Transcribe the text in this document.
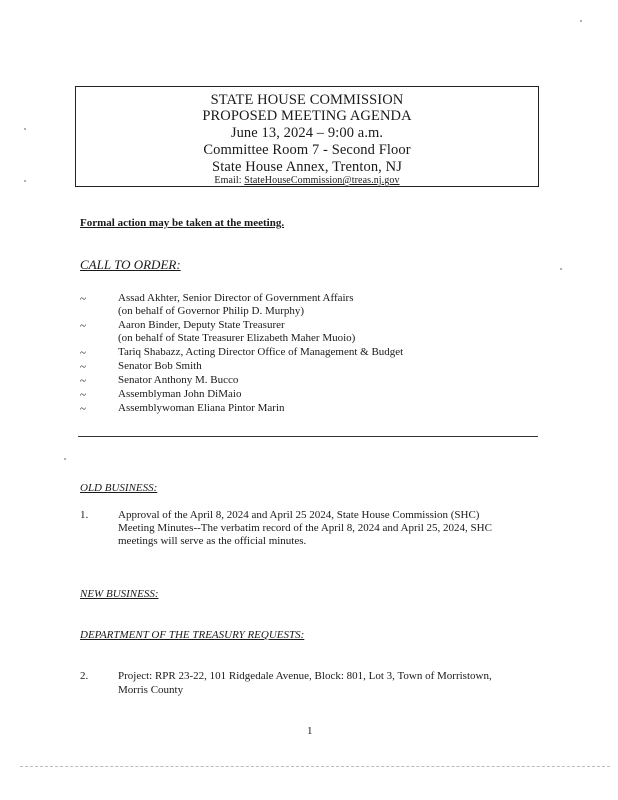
STATE HOUSE COMMISSION
PROPOSED MEETING AGENDA
June 13, 2024 – 9:00 a.m.
Committee Room 7 - Second Floor
State House Annex, Trenton, NJ
Email: StateHouseCommission@treas.nj.gov
Formal action may be taken at the meeting.
CALL TO ORDER:
~	Assad Akhter, Senior Director of Government Affairs
(on behalf of Governor Philip D. Murphy)
~	Aaron Binder, Deputy State Treasurer
(on behalf of State Treasurer Elizabeth Maher Muoio)
~	Tariq Shabazz, Acting Director Office of Management & Budget
~	Senator Bob Smith
~	Senator Anthony M. Bucco
~	Assemblyman John DiMaio
~	Assemblywoman Eliana Pintor Marin
OLD BUSINESS:
1.	Approval of the April 8, 2024 and April 25 2024, State House Commission (SHC)
Meeting Minutes--The verbatim record of the April 8, 2024 and April 25, 2024, SHC
meetings will serve as the official minutes.
NEW BUSINESS:
DEPARTMENT OF THE TREASURY REQUESTS:
2.	Project: RPR 23-22, 101 Ridgedale Avenue, Block: 801, Lot 3, Town of Morristown,
Morris County
1
